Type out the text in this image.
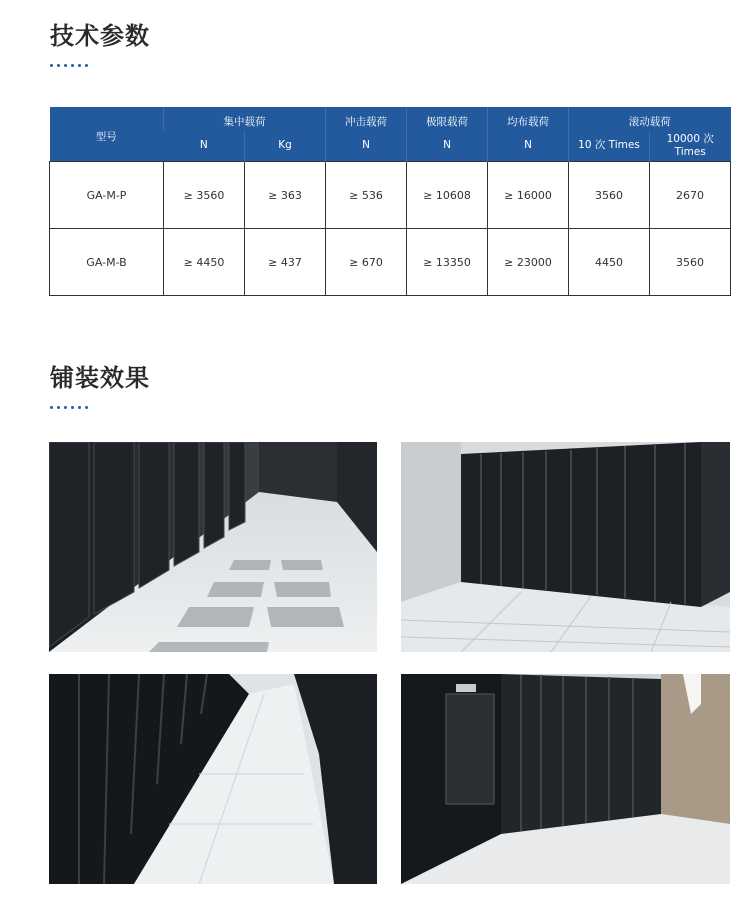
技术参数
型号	集中载荷		冲击载荷	极限载荷	均布载荷	滚动载荷	
	N	Kg	N	N	N	10 次 Times	10000 次 Times
GA-M-P	≥ 3560	≥ 363	≥ 536	≥ 10608	≥ 16000	3560	2670
GA-M-B	≥ 4450	≥ 437	≥ 670	≥ 13350	≥ 23000	4450	3560
铺装效果
